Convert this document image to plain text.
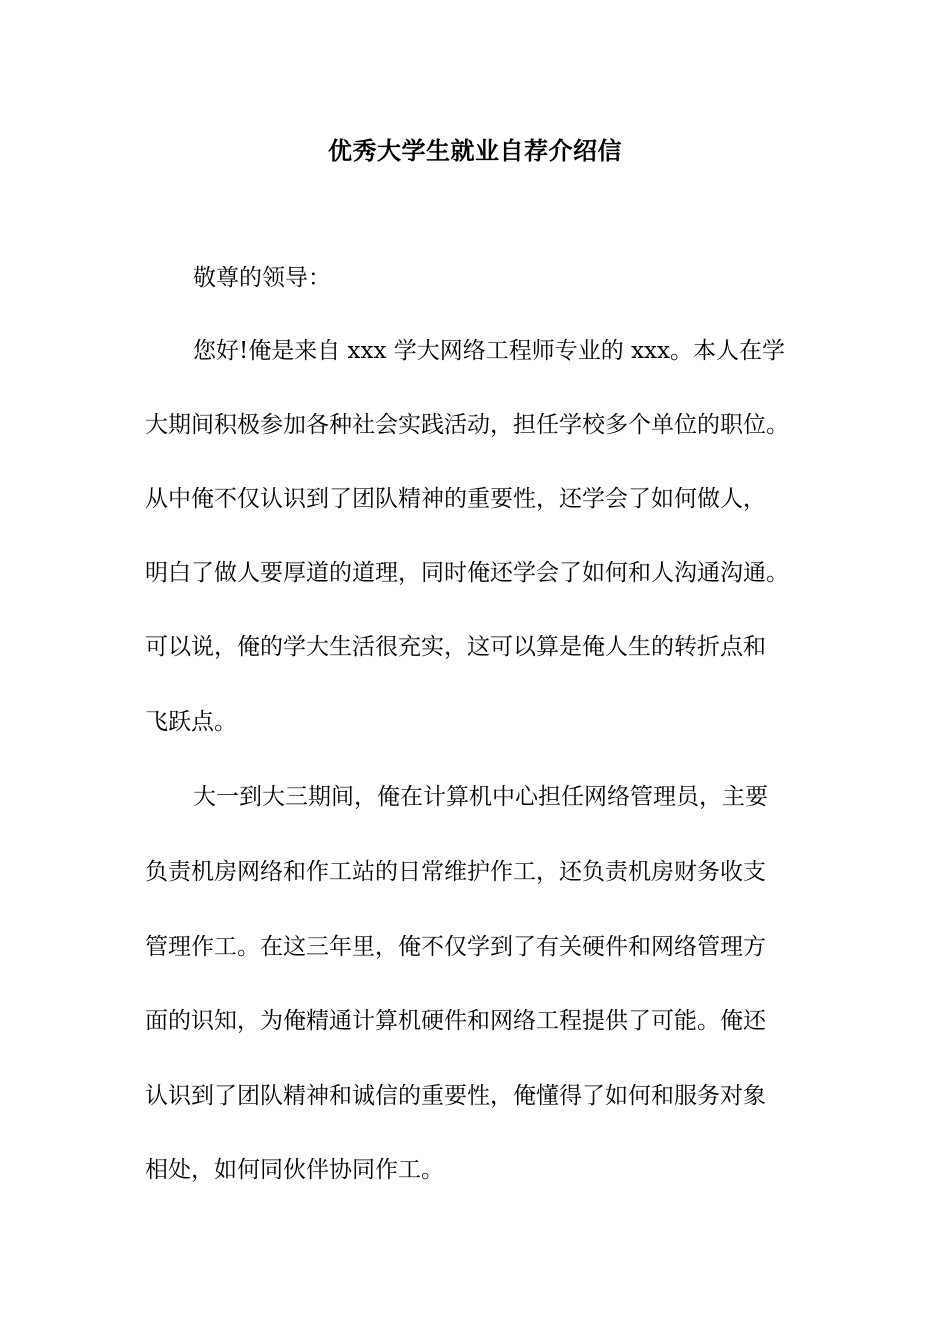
优秀大学生就业自荐介绍信
敬尊的领导：
您好!俺是来自 xxx 学大网络工程师专业的 xxx。本人在学
大期间积极参加各种社会实践活动，担任学校多个单位的职位。
从中俺不仅认识到了团队精神的重要性，还学会了如何做人，
明白了做人要厚道的道理，同时俺还学会了如何和人沟通沟通。
可以说，俺的学大生活很充实，这可以算是俺人生的转折点和
飞跃点。
大一到大三期间，俺在计算机中心担任网络管理员，主要
负责机房网络和作工站的日常维护作工，还负责机房财务收支
管理作工。在这三年里，俺不仅学到了有关硬件和网络管理方
面的识知，为俺精通计算机硬件和网络工程提供了可能。俺还
认识到了团队精神和诚信的重要性，俺懂得了如何和服务对象
相处，如何同伙伴协同作工。
